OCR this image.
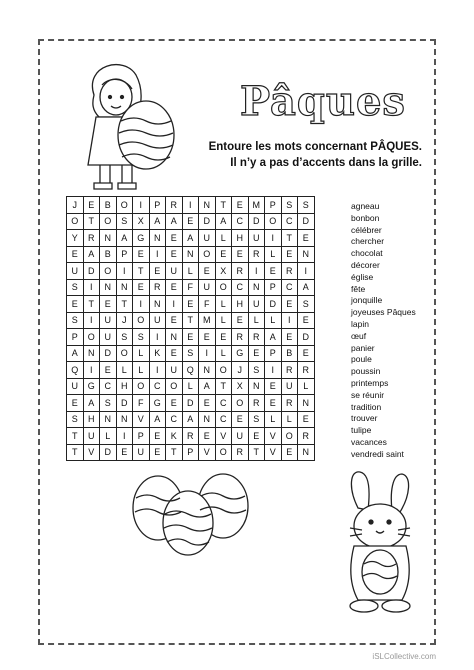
Pâques
Entoure les mots concernant PÂQUES.
Il n’y a pas d’accents dans la grille.
J	E	B	O	I	P	R	I	N	T	E	M	P	S	S
O	T	O	S	X	A	A	E	D	A	C	D	O	C	D
Y	R	N	A	G	N	E	A	U	L	H	U	I	T	E
E	A	B	P	E	I	E	N	O	E	E	R	L	E	N
U	D	O	I	T	E	U	L	E	X	R	I	E	R	I
S	I	N	N	E	R	E	F	U	O	C	N	P	C	A
E	T	E	T	I	N	I	E	F	L	H	U	D	E	S
S	I	U	J	O	U	E	T	M	L	E	L	L	I	E
P	O	U	S	S	I	N	E	E	E	R	R	A	E	D
A	N	D	O	L	K	E	S	I	L	G	E	P	B	E
Q	I	E	L	L	I	U	Q	N	O	J	S	I	R	R
U	G	C	H	O	C	O	L	A	T	X	N	E	U	L
E	A	S	D	F	G	E	D	E	C	O	R	E	R	N
S	H	N	N	V	A	C	A	N	C	E	S	L	L	E
T	U	L	I	P	E	K	R	E	V	U	E	V	O	R
T	V	D	E	U	E	T	P	V	O	R	T	V	E	N
agneau
bonbon
célébrer
chercher
chocolat
décorer
église
fête
jonquille
joyeuses Pâques
lapin
œuf
panier
poule
poussin
printemps
se réunir
tradition
trouver
tulipe
vacances
vendredi saint
iSLCollective.com
